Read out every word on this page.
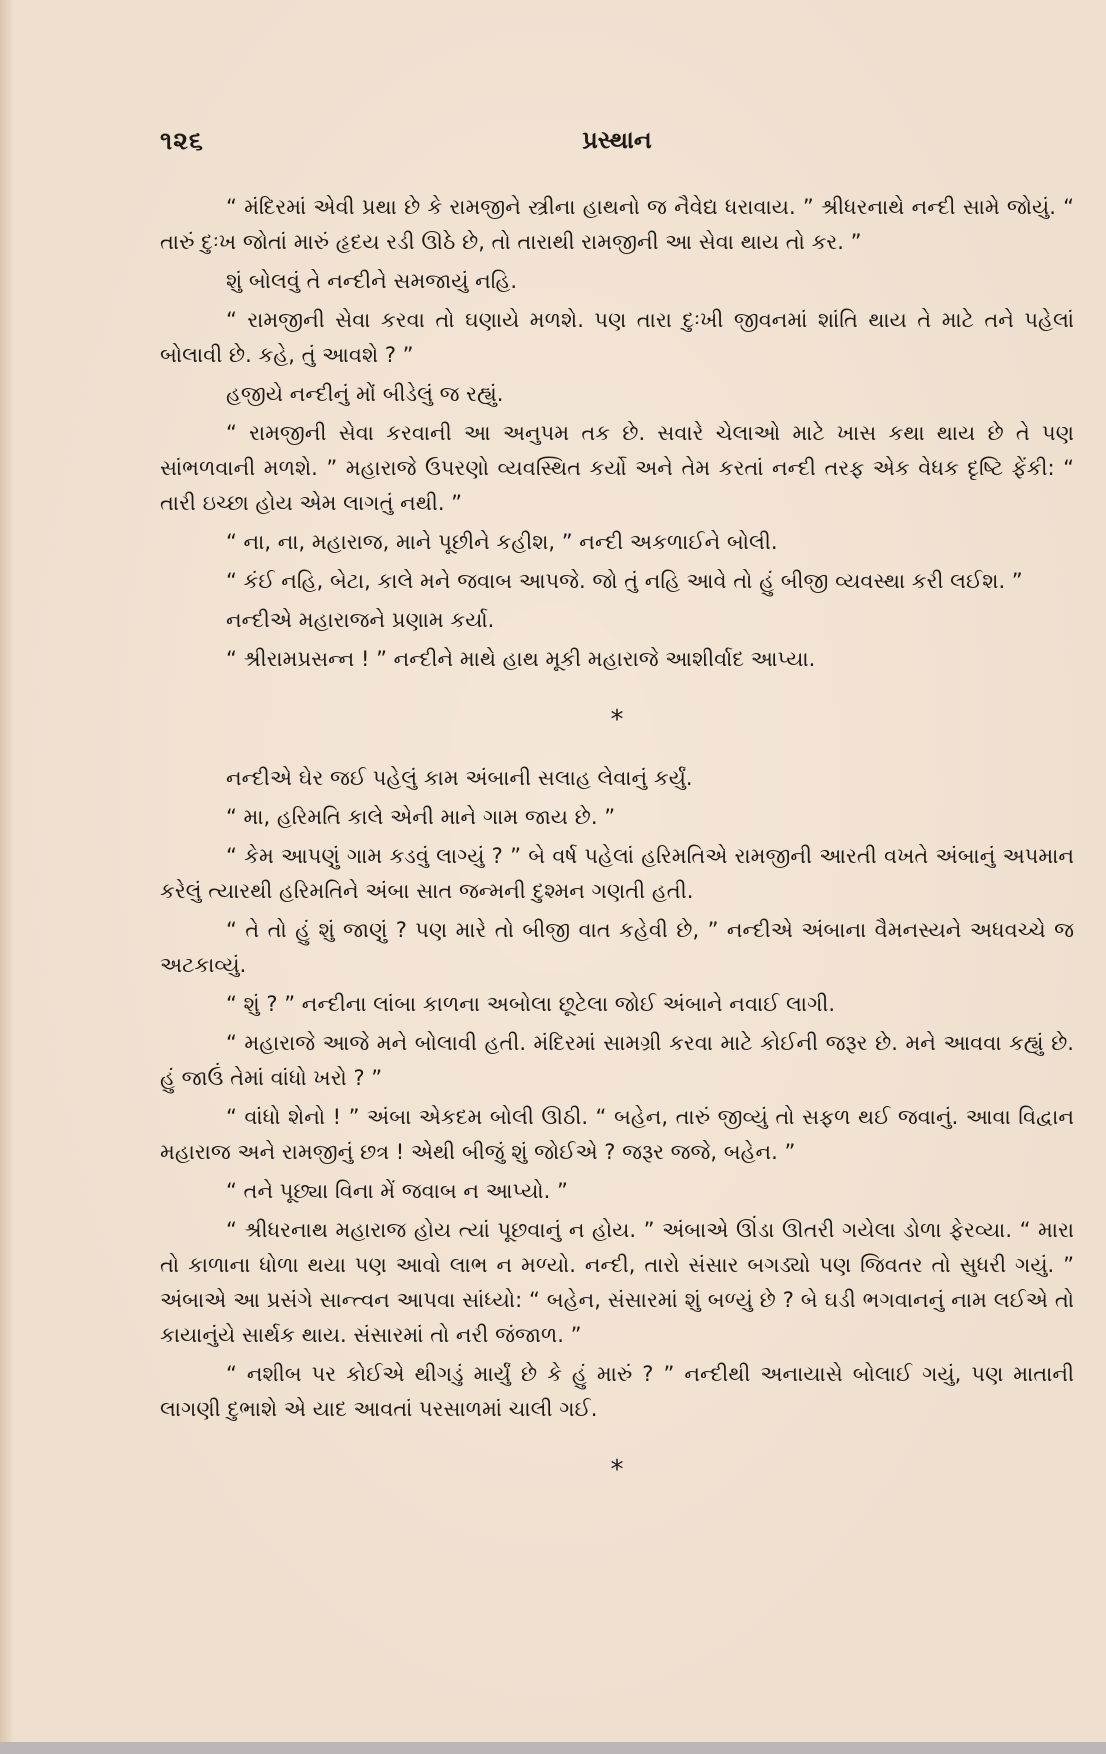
૧૨૬	પ્રસ્થાન

“ મંદિરમાં એવી પ્રથા છે કે રામજીને સ્ત્રીના હાથનો જ નૈવેદ્ય ધરાવાય. ” શ્રીધરનાથે નન્દી સામે જોયું. “ તારું દુઃખ જોતાં મારું હૃદય રડી ઊઠે છે, તો તારાથી રામજીની આ સેવા થાય તો કર. ”

શું બોલવું તે નન્દીને સમજાયું નહિ.

“ રામજીની સેવા કરવા તો ઘણાયે મળશે. પણ તારા દુઃખી જીવનમાં શાંતિ થાય તે માટે તને પહેલાં બોલાવી છે. કહે, તું આવશે ? ”

હજીયે નન્દીનું મોં બીડેલું જ રહ્યું.

“ રામજીની સેવા કરવાની આ અનુપમ તક છે. સવારે ચેલાઓ માટે ખાસ કથા થાય છે તે પણ સાંભળવાની મળશે. ” મહારાજે ઉપરણો વ્યવસ્થિત કર્યો અને તેમ કરતાં નન્દી તરફ એક વેધક દૃષ્ટિ ફેંકી: “ તારી ઇચ્છા હોય એમ લાગતું નથી. ”

“ ના, ના, મહારાજ, માને પૂછીને કહીશ, ” નન્દી અકળાઈને બોલી.

“ કંઈ નહિ, બેટા, કાલે મને જવાબ આપજે. જો તું નહિ આવે તો હું બીજી વ્યવસ્થા કરી લઈશ. ”

નન્દીએ મહારાજને પ્રણામ કર્યા.

“ શ્રીરામપ્રસન્ન ! ” નન્દીને માથે હાથ મૂકી મહારાજે આશીર્વાદ આપ્યા.

*

નન્દીએ ઘેર જઈ પહેલું કામ અંબાની સલાહ લેવાનું કર્યું.

“ મા, હરિમતિ કાલે એની માને ગામ જાય છે. ”

“ કેમ આપણું ગામ કડવું લાગ્યું ? ” બે વર્ષ પહેલાં હરિમતિએ રામજીની આરતી વખતે અંબાનું અપમાન કરેલું ત્યારથી હરિમતિને અંબા સાત જન્મની દુશ્મન ગણતી હતી.

“ તે તો હું શું જાણું ? પણ મારે તો બીજી વાત કહેવી છે, ” નન્દીએ અંબાના વૈમનસ્યને અધવચ્ચે જ અટકાવ્યું.

“ શું ? ” નન્દીના લાંબા કાળના અબોલા છૂટેલા જોઈ અંબાને નવાઈ લાગી.

“ મહારાજે આજે મને બોલાવી હતી. મંદિરમાં સામગ્રી કરવા માટે કોઈની જરૂર છે. મને આવવા કહ્યું છે. હું જાઉં તેમાં વાંધો ખરો ? ”

“ વાંધો શેનો ! ” અંબા એકદમ બોલી ઊઠી. “ બહેન, તારું જીવ્યું તો સફળ થઈ જવાનું. આવા વિદ્વાન મહારાજ અને રામજીનું છત્ર ! એથી બીજું શું જોઈએ ? જરૂર જજે, બહેન. ”

“ તને પૂછ્યા વિના મેં જવાબ ન આપ્યો. ”

“ શ્રીધરનાથ મહારાજ હોય ત્યાં પૂછવાનું ન હોય. ” અંબાએ ઊંડા ઊતરી ગયેલા ડોળા ફેરવ્યા. “ મારા તો કાળાના ધોળા થયા પણ આવો લાભ ન મળ્યો. નન્દી, તારો સંસાર બગડ્યો પણ જિવતર તો સુધરી ગયું. ” અંબાએ આ પ્રસંગે સાન્ત્વન આપવા સાંધ્યો: “ બહેન, સંસારમાં શું બળ્યું છે ? બે ઘડી ભગવાનનું નામ લઈએ તો કાયાનુંયે સાર્થક થાય. સંસારમાં તો નરી જંજાળ. ”

“ નશીબ પર કોઈએ થીગડું માર્યું છે કે હું મારું ? ” નન્દીથી અનાયાસે બોલાઈ ગયું, પણ માતાની લાગણી દુભાશે એ યાદ આવતાં પરસાળમાં ચાલી ગઈ.

*
